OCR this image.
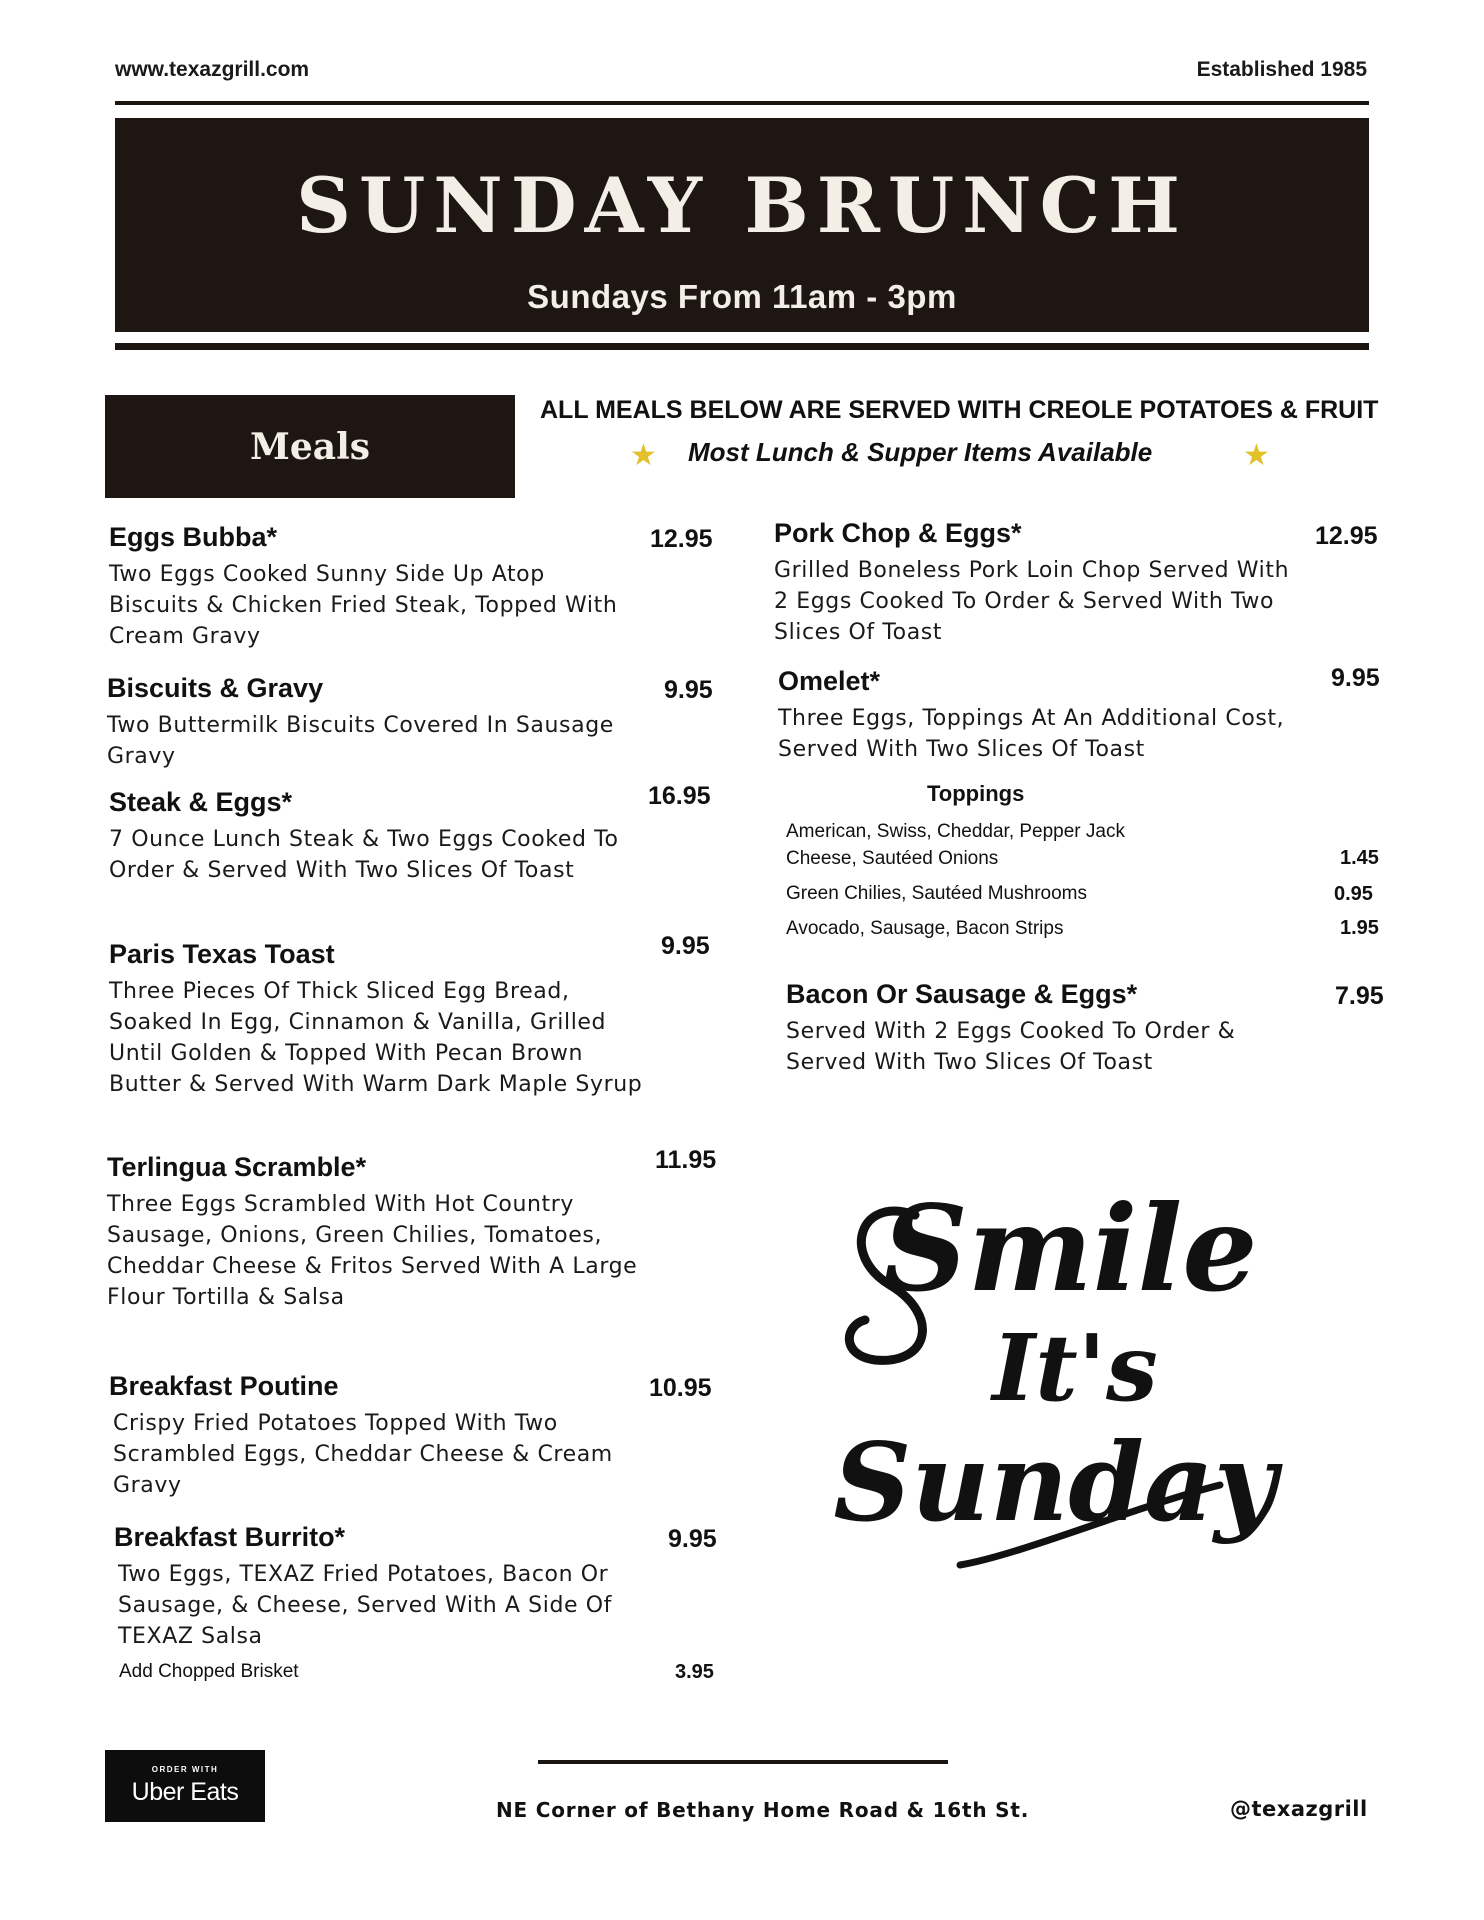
www.texazgrill.com	Established 1985
SUNDAY BRUNCH
Sundays From 11am - 3pm
Meals
ALL MEALS BELOW ARE SERVED WITH CREOLE POTATOES & FRUIT
★ Most Lunch & Supper Items Available	★
Eggs Bubba*
Two Eggs Cooked Sunny Side Up Atop Biscuits & Chicken Fried Steak, Topped With Cream Gravy
12.95
Biscuits & Gravy
Two Buttermilk Biscuits Covered In Sausage Gravy
9.95
Steak & Eggs*
7 Ounce Lunch Steak & Two Eggs Cooked To Order & Served With Two Slices Of Toast
16.95
Paris Texas Toast
Three Pieces Of Thick Sliced Egg Bread, Soaked In Egg, Cinnamon & Vanilla, Grilled Until Golden & Topped With Pecan Brown Butter & Served With Warm Dark Maple Syrup
9.95
Terlingua Scramble*
Three Eggs Scrambled With Hot Country Sausage, Onions, Green Chilies, Tomatoes, Cheddar Cheese & Fritos Served With A Large Flour Tortilla & Salsa
11.95
Breakfast Poutine
Crispy Fried Potatoes Topped With Two Scrambled Eggs, Cheddar Cheese & Cream Gravy
10.95
Breakfast Burrito*
Two Eggs, TEXAZ Fried Potatoes, Bacon Or Sausage, & Cheese, Served With A Side Of TEXAZ Salsa
9.95
Add Chopped Brisket	3.95
Pork Chop & Eggs*
Grilled Boneless Pork Loin Chop Served With 2 Eggs Cooked To Order & Served With Two Slices Of Toast
12.95
Omelet*
Three Eggs, Toppings At An Additional Cost, Served With Two Slices Of Toast
9.95
Toppings
American, Swiss, Cheddar, Pepper Jack
Cheese, Sautéed Onions	1.45
Green Chilies, Sautéed Mushrooms	0.95
Avocado, Sausage, Bacon Strips	1.95
Bacon Or Sausage & Eggs*
Served With 2 Eggs Cooked To Order & Served With Two Slices Of Toast
7.95
Smile
It's
Sunday
ORDER WITH
Uber Eats
NE Corner of Bethany Home Road & 16th St.	@texazgrill
